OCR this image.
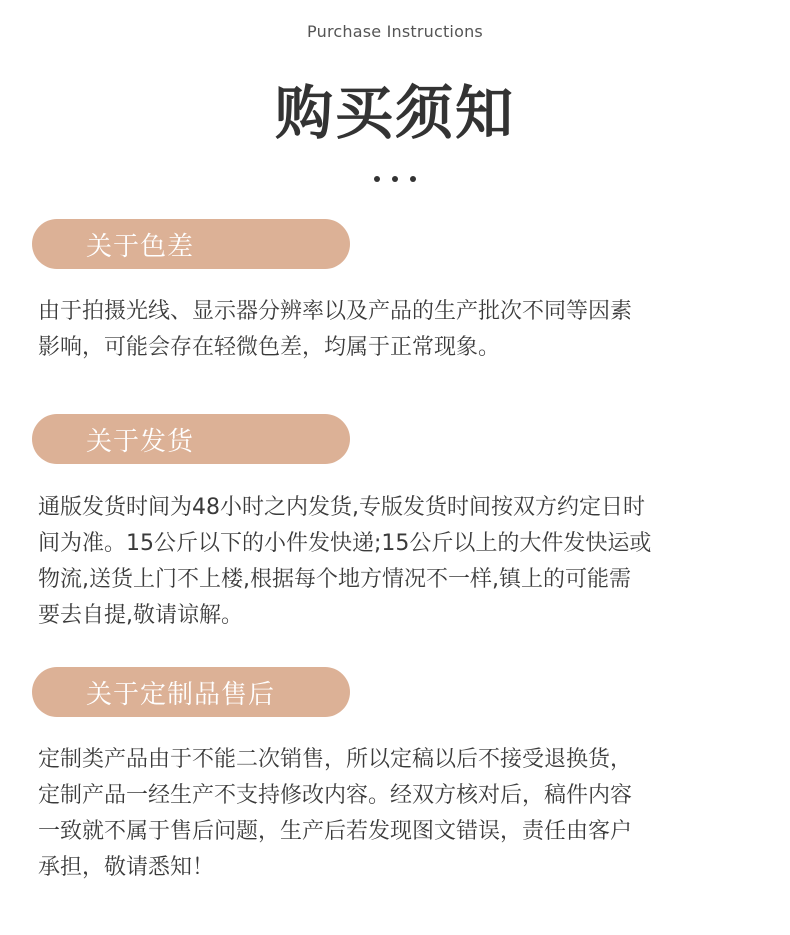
Purchase Instructions
购买须知
关于色差
由于拍摄光线、显示器分辨率以及产品的生产批次不同等因素
影响，可能会存在轻微色差，均属于正常现象。
关于发货
通版发货时间为48小时之内发货,专版发货时间按双方约定日时
间为准。15公斤以下的小件发快递;15公斤以上的大件发快运或
物流,送货上门不上楼,根据每个地方情况不一样,镇上的可能需
要去自提,敬请谅解。
关于定制品售后
定制类产品由于不能二次销售，所以定稿以后不接受退换货，
定制产品一经生产不支持修改内容。经双方核对后，稿件内容
一致就不属于售后问题，生产后若发现图文错误，责任由客户
承担，敬请悉知！
